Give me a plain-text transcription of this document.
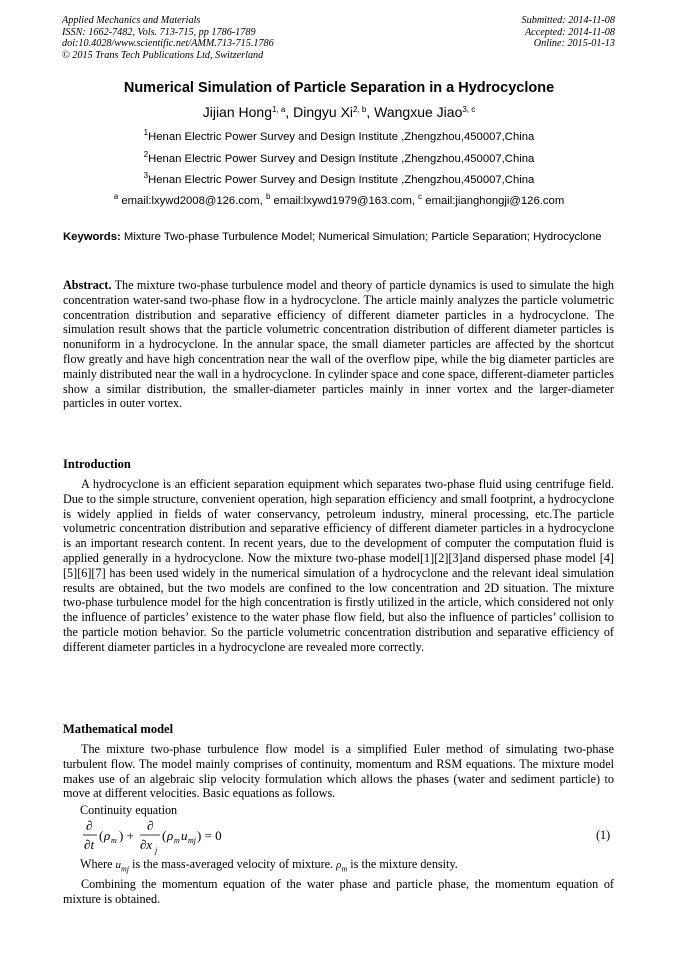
Applied Mechanics and Materials
ISSN: 1662-7482, Vols. 713-715, pp 1786-1789
doi:10.4028/www.scientific.net/AMM.713-715.1786
© 2015 Trans Tech Publications Ltd, Switzerland
Submitted: 2014-11-08
Accepted: 2014-11-08
Online: 2015-01-13
Numerical Simulation of Particle Separation in a Hydrocyclone
Jijian Hong$^{1, a}$, Dingyu Xi$^{2, b}$, Wangxue Jiao$^{3, c}$
$^1$Henan Electric Power Survey and Design Institute ,Zhengzhou,450007,China
$^2$Henan Electric Power Survey and Design Institute ,Zhengzhou,450007,China
$^3$Henan Electric Power Survey and Design Institute ,Zhengzhou,450007,China
$^a$ email:lxywd2008@126.com, $^b$ email:lxywd1979@163.com, $^c$ email:jianghongji@126.com
Keywords: Mixture Two-phase Turbulence Model; Numerical Simulation; Particle Separation; Hydrocyclone
Abstract. The mixture two-phase turbulence model and theory of particle dynamics is used to simulate the high concentration water-sand two-phase flow in a hydrocyclone. The article mainly analyzes the particle volumetric concentration distribution and separative efficiency of different diameter particles in a hydrocyclone. The simulation result shows that the particle volumetric concentration distribution of different diameter particles is nonuniform in a hydrocyclone. In the annular space, the small diameter particles are affected by the shortcut flow greatly and have high concentration near the wall of the overflow pipe, while the big diameter particles are mainly distributed near the wall in a hydrocyclone. In cylinder space and cone space, different-diameter particles show a similar distribution, the smaller-diameter particles mainly in inner vortex and the larger-diameter particles in outer vortex.
Introduction
A hydrocyclone is an efficient separation equipment which separates two-phase fluid using centrifuge field. Due to the simple structure, convenient operation, high separation efficiency and small footprint, a hydrocyclone is widely applied in fields of water conservancy, petroleum industry, mineral processing, etc.The particle volumetric concentration distribution and separative efficiency of different diameter particles in a hydrocyclone is an important research content. In recent years, due to the development of computer the computation fluid is applied generally in a hydrocyclone. Now the mixture two-phase model[1][2][3]and dispersed phase model [4][5][6][7] has been used widely in the numerical simulation of a hydrocyclone and the relevant ideal simulation results are obtained, but the two models are confined to the low concentration and 2D situation. The mixture two-phase turbulence model for the high concentration is firstly utilized in the article, which considered not only the influence of particles’ existence to the water phase flow field, but also the influence of particles’ collision to the particle motion behavior. So the particle volumetric concentration distribution and separative efficiency of different diameter particles in a hydrocyclone are revealed more correctly.
Mathematical model
The mixture two-phase turbulence flow model is a simplified Euler method of simulating two-phase turbulent flow. The model mainly comprises of continuity, momentum and RSM equations. The mixture model makes use of an algebraic slip velocity formulation which allows the phases (water and sediment particle) to move at different velocities. Basic equations as follows.
Continuity equation
∂
∂t
( ρ m ) +
∂
∂x j
( ρ m u mj ) = 0	(1)
Where $u_{mj}$ is the mass-averaged velocity of mixture. $\rho_m$ is the mixture density.
Combining the momentum equation of the water phase and particle phase, the momentum equation of mixture is obtained.
